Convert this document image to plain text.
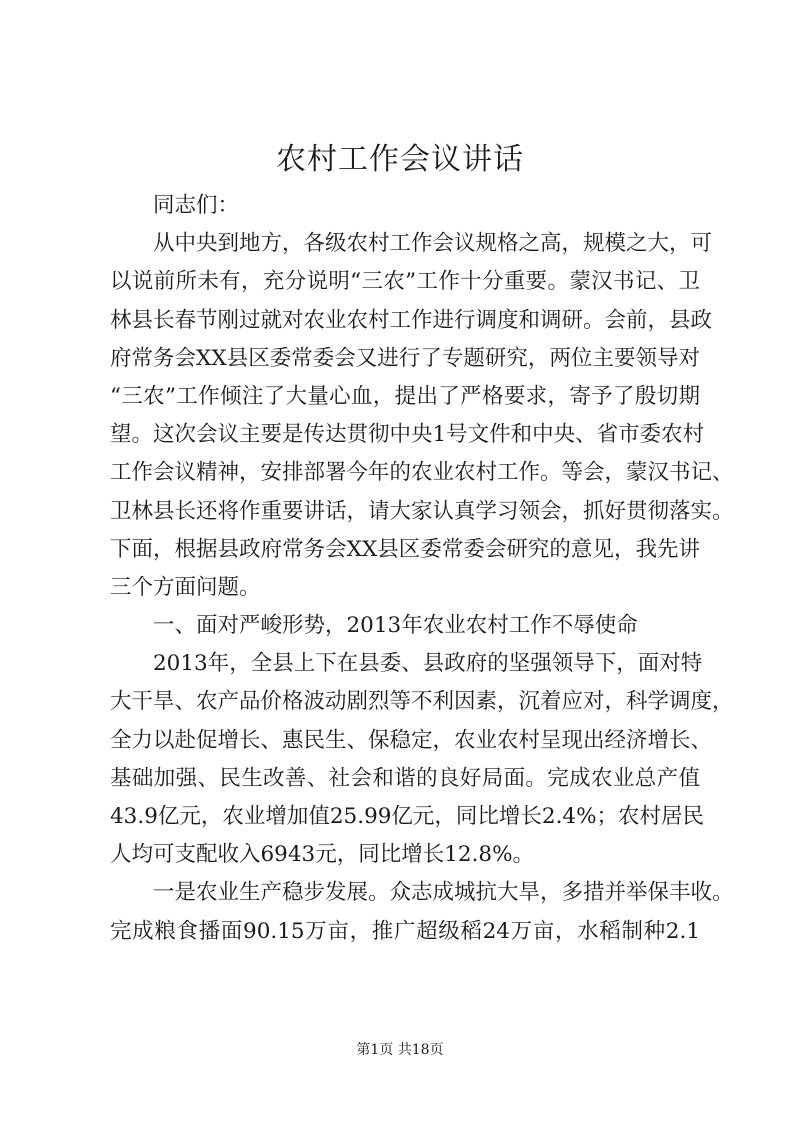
农村工作会议讲话
同志们：
从中央到地方，各级农村工作会议规格之高，规模之大，可
以说前所未有，充分说明“三农”工作十分重要。蒙汉书记、卫
林县长春节刚过就对农业农村工作进行调度和调研。会前，县政
府常务会XX县区委常委会又进行了专题研究，两位主要领导对
“三农”工作倾注了大量心血，提出了严格要求，寄予了殷切期
望。这次会议主要是传达贯彻中央1号文件和中央、省市委农村
工作会议精神，安排部署今年的农业农村工作。等会，蒙汉书记、
卫林县长还将作重要讲话，请大家认真学习领会，抓好贯彻落实。
下面，根据县政府常务会XX县区委常委会研究的意见，我先讲
三个方面问题。
一、面对严峻形势，2013年农业农村工作不辱使命
2013年，全县上下在县委、县政府的坚强领导下，面对特
大干旱、农产品价格波动剧烈等不利因素，沉着应对，科学调度，
全力以赴促增长、惠民生、保稳定，农业农村呈现出经济增长、
基础加强、民生改善、社会和谐的良好局面。完成农业总产值
43.9亿元，农业增加值25.99亿元，同比增长2.4%；农村居民
人均可支配收入6943元，同比增长12.8%。
一是农业生产稳步发展。众志成城抗大旱，多措并举保丰收。
完成粮食播面90.15万亩，推广超级稻24万亩，水稻制种2.1
第1页 共18页
